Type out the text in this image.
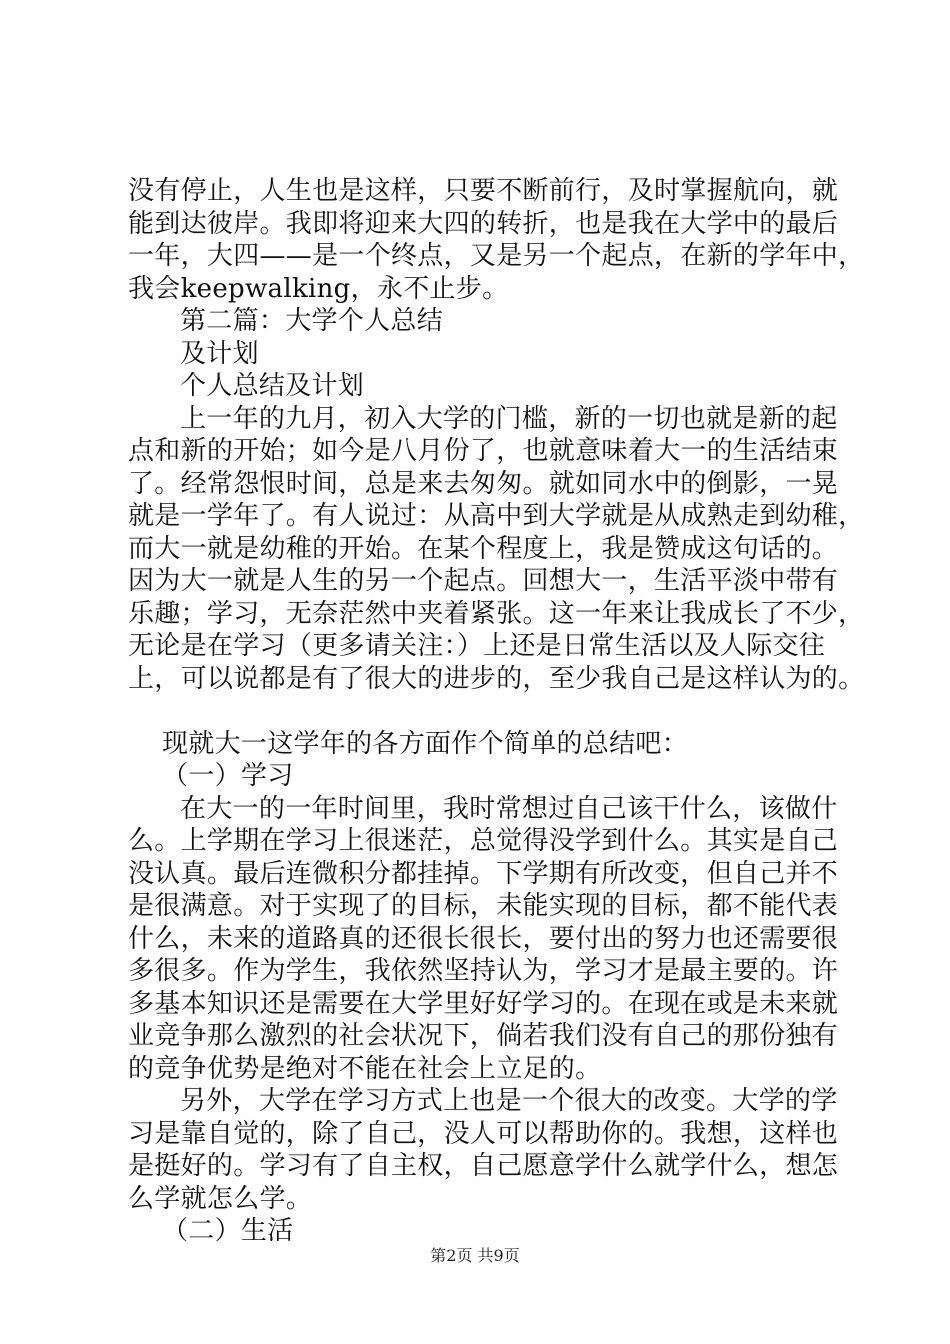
没有停止，人生也是这样，只要不断前行，及时掌握航向，就
能到达彼岸。我即将迎来大四的转折，也是我在大学中的最后
一年，大四——是一个终点，又是另一个起点，在新的学年中，
我会keepwalking，永不止步。
第二篇：大学个人总结
及计划
个人总结及计划
上一年的九月，初入大学的门槛，新的一切也就是新的起
点和新的开始；如今是八月份了，也就意味着大一的生活结束
了。经常怨恨时间，总是来去匆匆。就如同水中的倒影，一晃
就是一学年了。有人说过：从高中到大学就是从成熟走到幼稚，
而大一就是幼稚的开始。在某个程度上，我是赞成这句话的。
因为大一就是人生的另一个起点。回想大一，生活平淡中带有
乐趣；学习，无奈茫然中夹着紧张。这一年来让我成长了不少，
无论是在学习（更多请关注：）上还是日常生活以及人际交往
上，可以说都是有了很大的进步的，至少我自己是这样认为的。
现就大一这学年的各方面作个简单的总结吧：
（一）学习
在大一的一年时间里，我时常想过自己该干什么，该做什
么。上学期在学习上很迷茫，总觉得没学到什么。其实是自己
没认真。最后连微积分都挂掉。下学期有所改变，但自己并不
是很满意。对于实现了的目标，未能实现的目标，都不能代表
什么，未来的道路真的还很长很长，要付出的努力也还需要很
多很多。作为学生，我依然坚持认为，学习才是最主要的。许
多基本知识还是需要在大学里好好学习的。在现在或是未来就
业竞争那么激烈的社会状况下，倘若我们没有自己的那份独有
的竞争优势是绝对不能在社会上立足的。
另外，大学在学习方式上也是一个很大的改变。大学的学
习是靠自觉的，除了自己，没人可以帮助你的。我想，这样也
是挺好的。学习有了自主权，自己愿意学什么就学什么，想怎
么学就怎么学。
（二）生活
第2页 共9页
